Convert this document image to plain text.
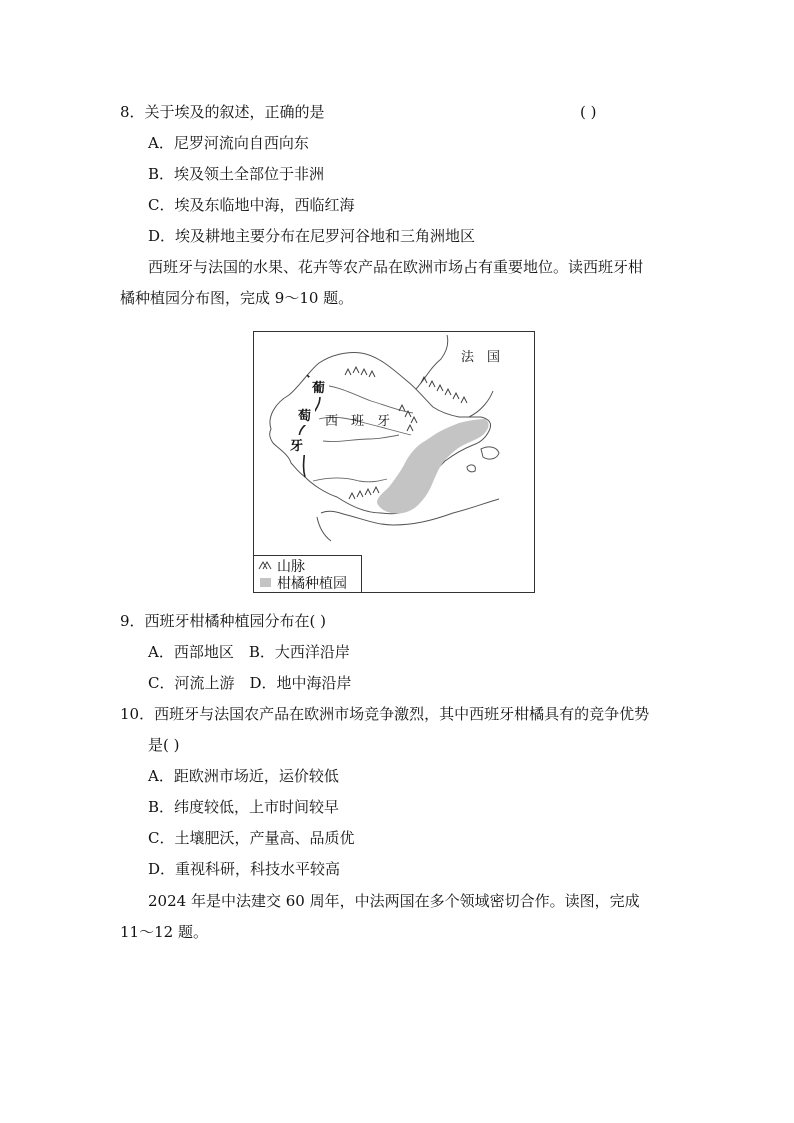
8．关于埃及的叙述，正确的是	( )
A．尼罗河流向自西向东
B．埃及领土全部位于非洲
C．埃及东临地中海，西临红海
D．埃及耕地主要分布在尼罗河谷地和三角洲地区
西班牙与法国的水果、花卉等农产品在欧洲市场占有重要地位。读西班牙柑
橘种植园分布图，完成 9～10 题。
法　国
葡
萄
牙
西　班　牙
山脉
柑橘种植园
9．西班牙柑橘种植园分布在( )
A．西部地区　B．大西洋沿岸
C．河流上游　D．地中海沿岸
10．西班牙与法国农产品在欧洲市场竞争激烈，其中西班牙柑橘具有的竞争优势
是( )
A．距欧洲市场近，运价较低
B．纬度较低，上市时间较早
C．土壤肥沃，产量高、品质优
D．重视科研，科技水平较高
2024 年是中法建交 60 周年，中法两国在多个领域密切合作。读图，完成
11～12 题。
